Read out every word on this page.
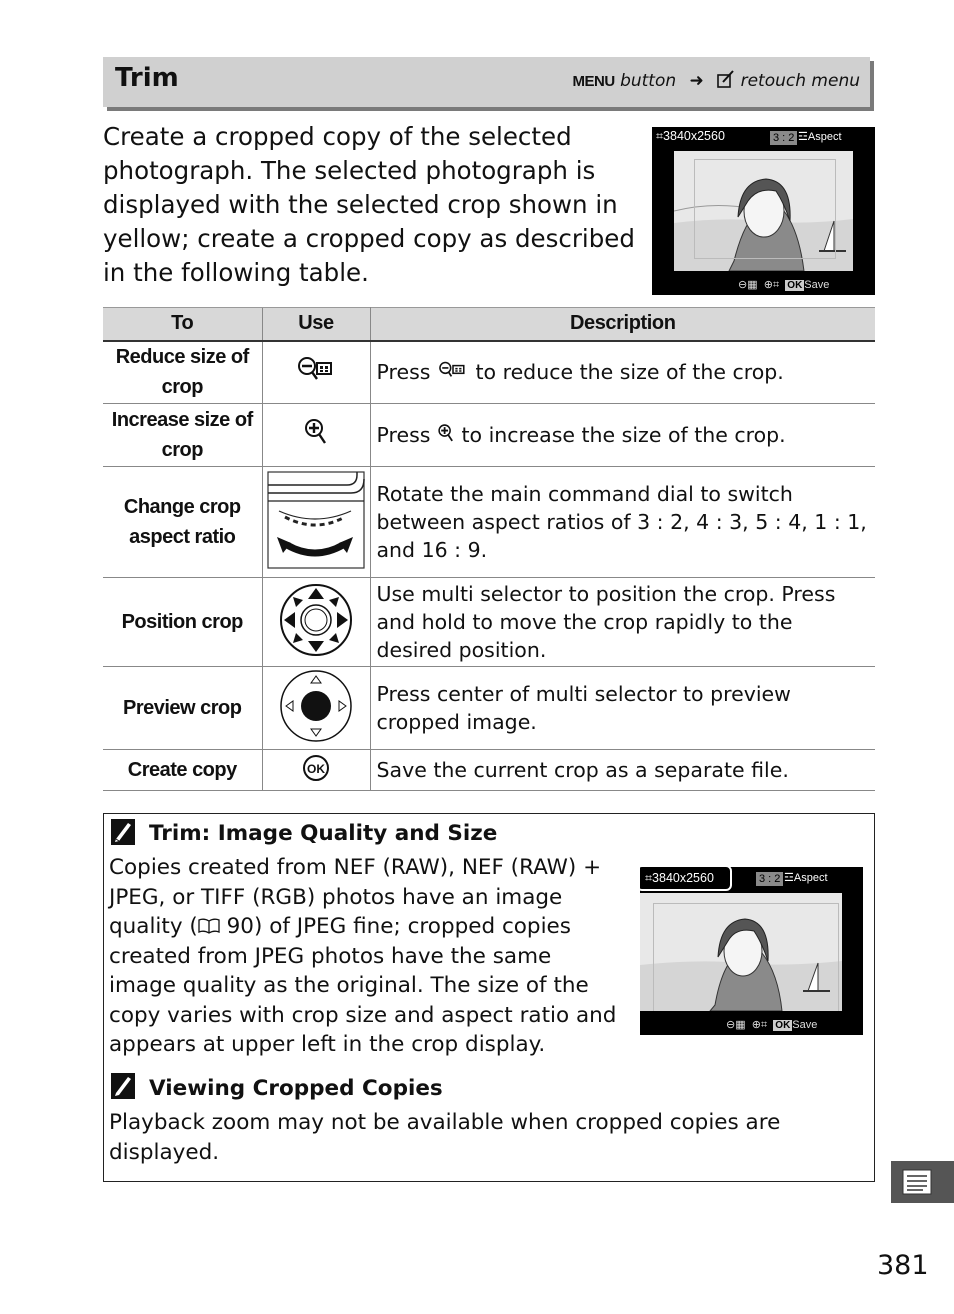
Trim	MENU button ➜ retouch menu
Create a cropped copy of the selected photograph. The selected photograph is displayed with the selected crop shown in yellow; create a cropped copy as described in the following table.
⌗3840x2560	3 : 2 ☲Aspect
⊖▦ ⊕⌗ OK Save
To	Use	Description
Reduce size of crop		Press  to reduce the size of the crop.
Increase size of crop		Press  to increase the size of the crop.
Change crop aspect ratio		Rotate the main command dial to switch between aspect ratios of 3 : 2, 4 : 3, 5 : 4, 1 : 1, and 16 : 9.
Position crop		Use multi selector to position the crop. Press and hold to move the crop rapidly to the desired position.
Preview crop		Press center of multi selector to preview cropped image.
Create copy	OK	Save the current crop as a separate file.
Trim: Image Quality and Size
Copies created from NEF (RAW), NEF (RAW) + JPEG, or TIFF (RGB) photos have an image quality ( 90) of JPEG fine; cropped copies created from JPEG photos have the same image quality as the original. The size of the copy varies with crop size and aspect ratio and appears at upper left in the crop display.
⌗3840x2560	3 : 2 ☲Aspect
⊖▦ ⊕⌗ OK Save
Viewing Cropped Copies
Playback zoom may not be available when cropped copies are displayed.
381
